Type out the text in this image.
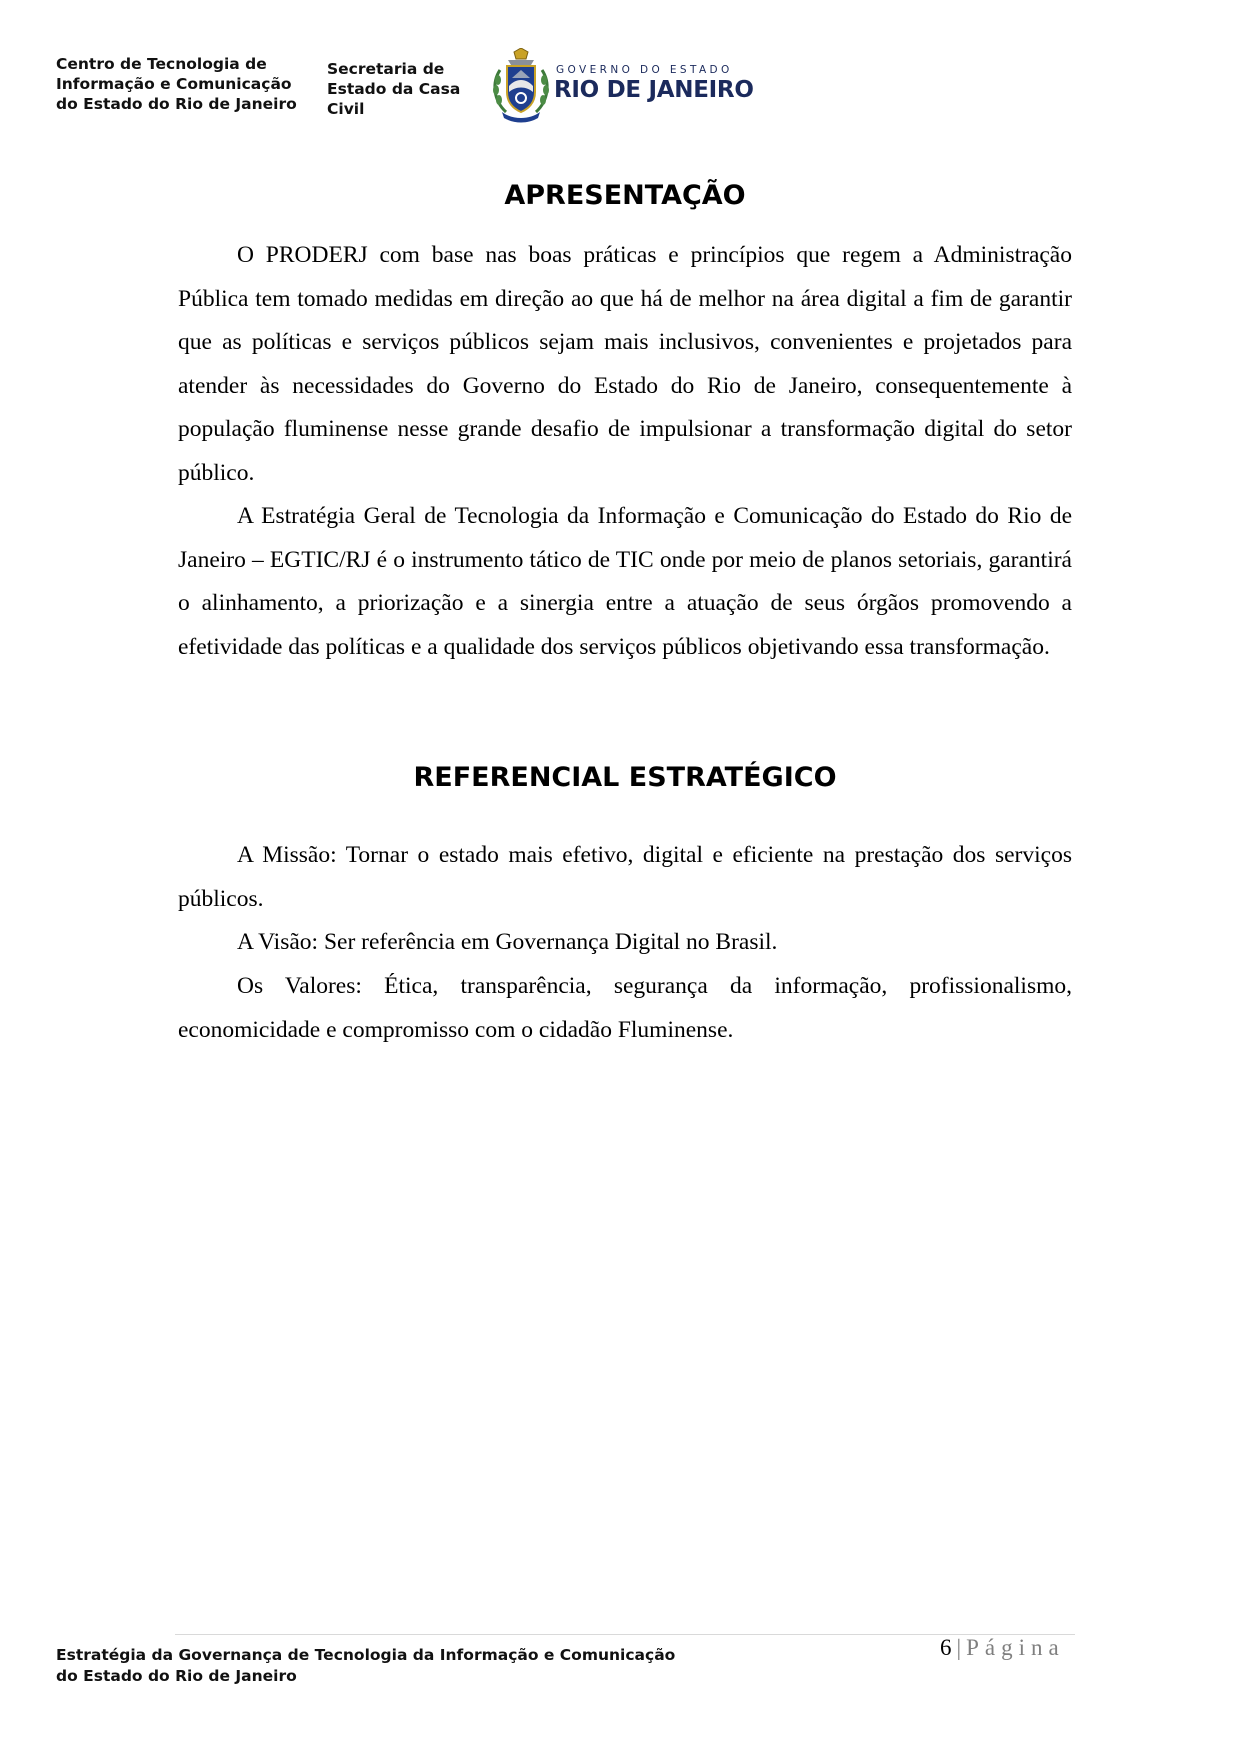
Centro de Tecnologia de
Informação e Comunicação
do Estado do Rio de Janeiro
Secretaria de
Estado da Casa
Civil
GOVERNO DO ESTADO
RIO DE JANEIRO
APRESENTAÇÃO

O PRODERJ com base nas boas práticas e princípios que regem a Administração Pública tem tomado medidas em direção ao que há de melhor na área digital a fim de garantir que as políticas e serviços públicos sejam mais inclusivos, convenientes e projetados para atender às necessidades do Governo do Estado do Rio de Janeiro, consequentemente à população fluminense nesse grande desafio de impulsionar a transformação digital do setor público.

A Estratégia Geral de Tecnologia da Informação e Comunicação do Estado do Rio de Janeiro – EGTIC/RJ é o instrumento tático de TIC onde por meio de planos setoriais, garantirá o alinhamento, a priorização e a sinergia entre a atuação de seus órgãos promovendo a efetividade das políticas e a qualidade dos serviços públicos objetivando essa transformação.

REFERENCIAL ESTRATÉGICO

A Missão: Tornar o estado mais efetivo, digital e eficiente na prestação dos serviços públicos.

A Visão: Ser referência em Governança Digital no Brasil.

Os Valores: Ética, transparência, segurança da informação, profissionalismo, economicidade e compromisso com o cidadão Fluminense.

Estratégia da Governança de Tecnologia da Informação e Comunicação
do Estado do Rio de Janeiro
6 | Página
